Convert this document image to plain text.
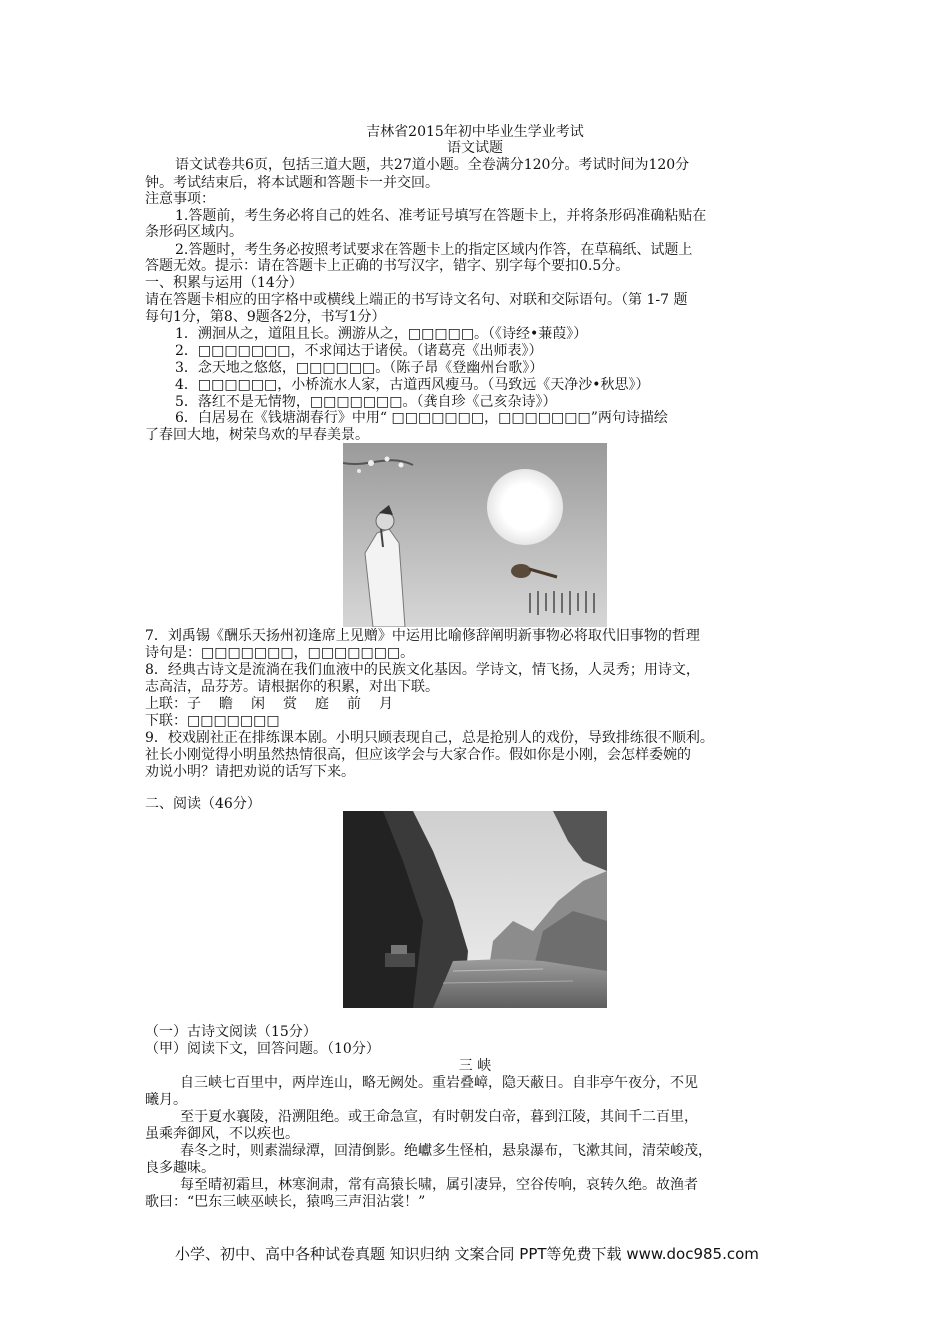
吉林省2015年初中毕业生学业考试
语文试题
语文试卷共6页，包括三道大题，共27道小题。全卷满分120分。考试时间为120分
钟。考试结束后，将本试题和答题卡一并交回。
注意事项：
1.答题前，考生务必将自己的姓名、准考证号填写在答题卡上，并将条形码准确粘贴在
条形码区域内。
2.答题时，考生务必按照考试要求在答题卡上的指定区域内作答，在草稿纸、试题上
答题无效。提示：请在答题卡上正确的书写汉字，错字、别字每个要扣0.5分。
一、积累与运用（14分）
请在答题卡相应的田字格中或横线上端正的书写诗文名句、对联和交际语句。（第 1-7 题
每句1分，第8、9题各2分，书写1分）
1．溯洄从之，道阻且长。溯游从之，□□□□□。（《诗经•蒹葭》）
2．□□□□□□□，不求闻达于诸侯。（诸葛亮《出师表》）
3．念天地之悠悠，□□□□□□。（陈子昂《登幽州台歌》）
4．□□□□□□，小桥流水人家，古道西风瘦马。（马致远《天净沙•秋思》）
5．落红不是无情物，□□□□□□□。（龚自珍《己亥杂诗》）
6．白居易在《钱塘湖春行》中用“ □□□□□□□，□□□□□□□”两句诗描绘
了春回大地，树荣鸟欢的早春美景。
7．刘禹锡《酬乐天扬州初逢席上见赠》中运用比喻修辞阐明新事物必将取代旧事物的哲理
诗句是：□□□□□□□，□□□□□□□。
8．经典古诗文是流淌在我们血液中的民族文化基因。学诗文，情飞扬，人灵秀；用诗文，
志高洁，品芬芳。请根据你的积累，对出下联。
上联：子 瞻 闲 赏 庭 前 月
下联：□□□□□□□
9．校戏剧社正在排练课本剧。小明只顾表现自己，总是抢别人的戏份，导致排练很不顺利。
社长小刚觉得小明虽然热情很高，但应该学会与大家合作。假如你是小刚，会怎样委婉的
劝说小明？请把劝说的话写下来。
二、阅读（46分）
（一）古诗文阅读（15分）
（甲）阅读下文，回答问题。（10分）
三 峡
自三峡七百里中，两岸连山，略无阙处。重岩叠嶂，隐天蔽日。自非亭午夜分，不见
曦月。
至于夏水襄陵，沿溯阻绝。或王命急宣，有时朝发白帝，暮到江陵，其间千二百里，
虽乘奔御风，不以疾也。
春冬之时，则素湍绿潭，回清倒影。绝巘多生怪柏，悬泉瀑布，飞漱其间，清荣峻茂，
良多趣味。
每至晴初霜旦，林寒涧肃，常有高猿长啸，属引凄异，空谷传响，哀转久绝。故渔者
歌曰：“巴东三峡巫峡长，猿鸣三声泪沾裳！”
小学、初中、高中各种试卷真题 知识归纳 文案合同 PPT等免费下载 www.doc985.com
